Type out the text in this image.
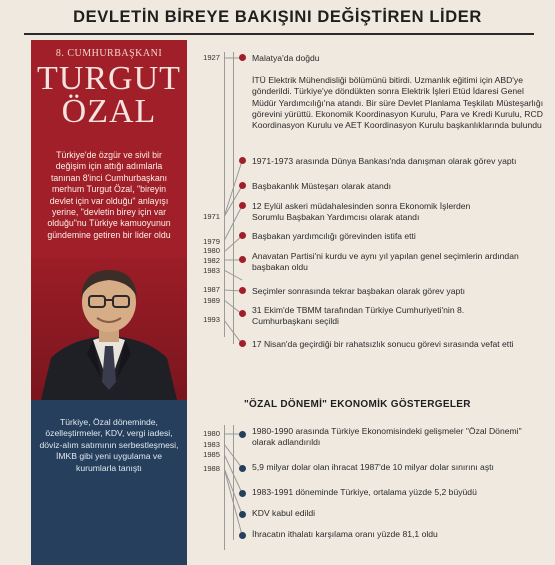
DEVLETİN BİREYE BAKIŞINI DEĞİŞTİREN LİDER
8. CUMHURBAŞKANI
TURGUT
ÖZAL
Türkiye'de özgür ve sivil bir değişim için attığı adımlarla tanınan 8'inci Cumhurbaşkanı merhum Turgut Özal, "bireyin devlet için var olduğu" anlayışı yerine, "devletin birey için var olduğu"nu Türkiye kamuoyunun gündemine getiren bir lider oldu
Türkiye, Özal döneminde, özelleştirmeler, KDV, vergi iadesi, döviz-alım satımının serbestleşmesi, İMKB gibi yeni uygulama ve kurumlarla tanıştı
1927
1971
1979
1980
1982
1983
1987
1989
1993
Malatya'da doğdu
İTÜ Elektrik Mühendisliği bölümünü bitirdi. Uzmanlık eğitimi için ABD'ye gönderildi. Türkiye'ye döndükten sonra Elektrik İşleri Etüd İdaresi Genel Müdür Yardımcılığı'na atandı. Bir süre Devlet Planlama Teşkilatı Müsteşarlığı görevini yürüttü. Ekonomik Koordinasyon Kurulu, Para ve Kredi Kurulu, RCD Koordinasyon Kurulu ve AET Koordinasyon Kurulu başkanlıklarında bulundu
1971-1973 arasında Dünya Bankası'nda danışman olarak görev yaptı
Başbakanlık Müsteşarı olarak atandı
12 Eylül askeri müdahalesinden sonra Ekonomik İşlerden Sorumlu Başbakan Yardımcısı olarak atandı
Başbakan yardımcılığı görevinden istifa etti
Anavatan Partisi'ni kurdu ve aynı yıl yapılan genel seçimlerin ardından başbakan oldu
Seçimler sonrasında tekrar başbakan olarak görev yaptı
31 Ekim'de TBMM tarafından Türkiye Cumhuriyeti'nin 8. Cumhurbaşkanı seçildi
17 Nisan'da geçirdiği bir rahatsızlık sonucu görevi sırasında vefat etti
"ÖZAL DÖNEMİ" EKONOMİK GÖSTERGELER
1980
1983
1985
1988
1980-1990 arasında Türkiye Ekonomisindeki gelişmeler "Özal Dönemi" olarak adlandırıldı
5,9 milyar dolar olan ihracat 1987'de 10 milyar dolar sınırını aştı
1983-1991 döneminde Türkiye, ortalama yüzde 5,2 büyüdü
KDV kabul edildi
İhracatın ithalatı karşılama oranı yüzde 81,1 oldu
